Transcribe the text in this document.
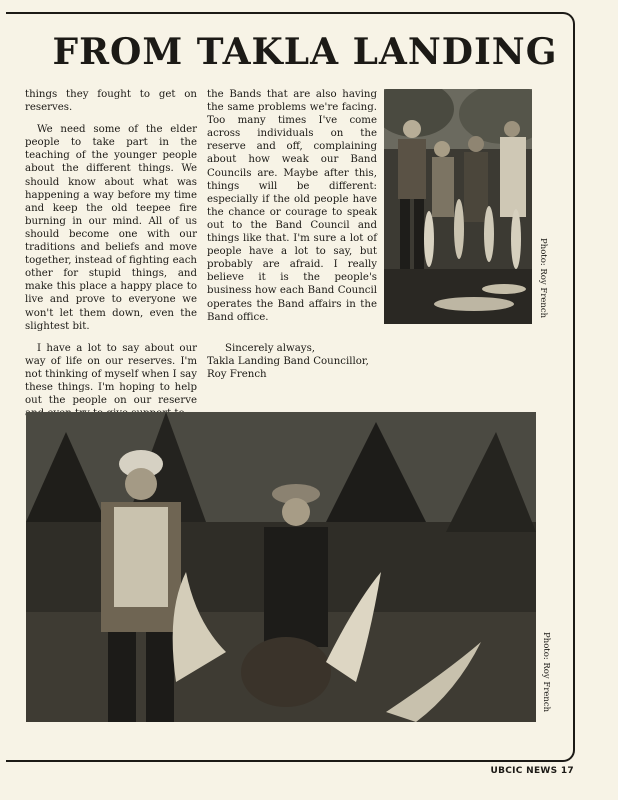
FROM TAKLA LANDING

things they fought to get on reserves.

We need some of the elder people to take part in the teaching of the younger people about the different things. We should know about what was happening a way before my time and keep the old teepee fire burning in our mind. All of us should become one with our traditions and beliefs and move together, instead of fighting each other for stupid things, and make this place a happy place to live and prove to everyone we won't let them down, even the slightest bit.

I have a lot to say about our way of life on our reserves. I'm not thinking of myself when I say these things. I'm hoping to help out the people on our reserve

the Bands that are also having the same problems we're facing. Too many times I've come across individuals on the reserve and off, complaining about how weak our Band Councils are. Maybe after this, things will be different: especially if the old people have the chance or courage to speak out to the Band Council and things like that. I'm sure a lot of people have a lot to say, but probably are afraid. I really believe it is the people's business how each Band Council operates the Band affairs in the Band office.

Sincerely always,
Takla Landing Band Councillor,
Roy French
Photo: Roy French
Photo: Roy French
UBCIC NEWS 17
